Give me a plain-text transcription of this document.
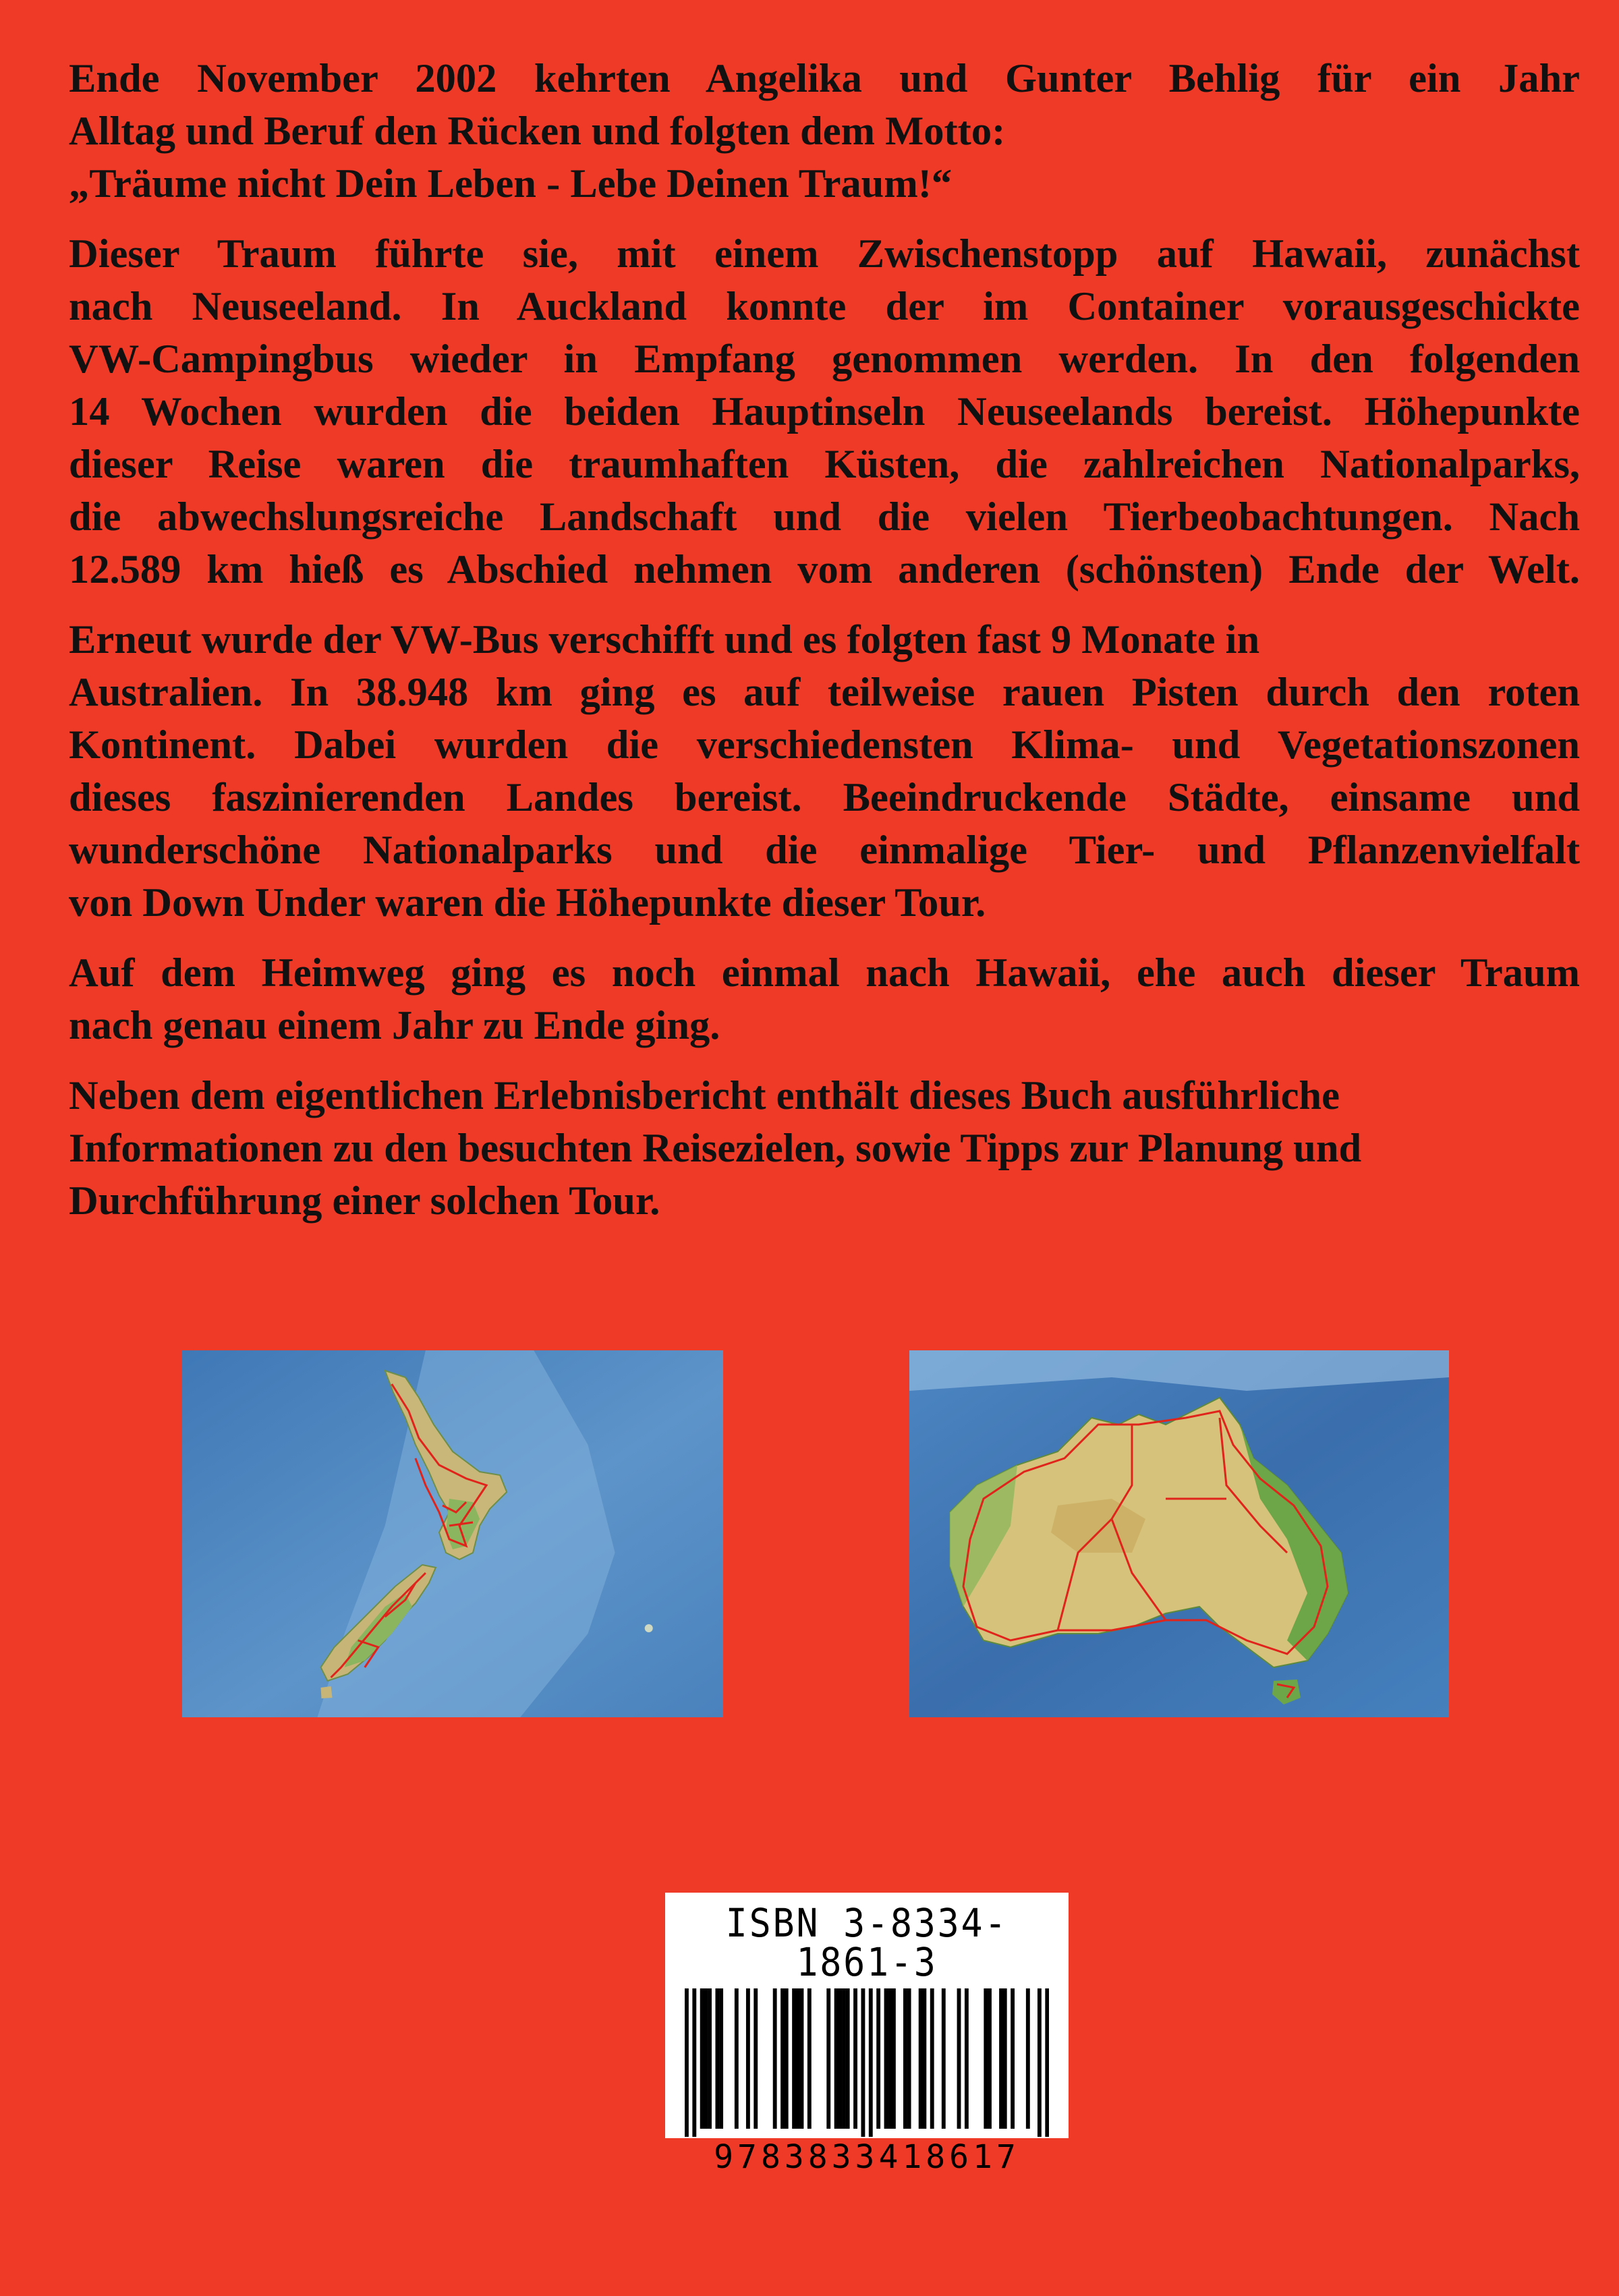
Ende November 2002 kehrten Angelika und Gunter Behlig für ein Jahr
Alltag und Beruf den Rücken und folgten dem Motto:
„Träume nicht Dein Leben - Lebe Deinen Traum!“

Dieser Traum führte sie, mit einem Zwischenstopp auf Hawaii, zunächst
nach Neuseeland. In Auckland konnte der im Container vorausgeschickte
VW-Campingbus wieder in Empfang genommen werden. In den folgenden
14 Wochen wurden die beiden Hauptinseln Neuseelands bereist. Höhepunkte
dieser Reise waren die traumhaften Küsten, die zahlreichen Nationalparks,
die abwechslungsreiche Landschaft und die vielen Tierbeobachtungen. Nach
12.589 km hieß es Abschied nehmen vom anderen (schönsten) Ende der Welt.

Erneut wurde der VW-Bus verschifft und es folgten fast 9 Monate in
Australien. In 38.948 km ging es auf teilweise rauen Pisten durch den roten
Kontinent. Dabei wurden die verschiedensten Klima- und Vegetationszonen
dieses faszinierenden Landes bereist. Beeindruckende Städte, einsame und
wunderschöne Nationalparks und die einmalige Tier- und Pflanzenvielfalt
von Down Under waren die Höhepunkte dieser Tour.

Auf dem Heimweg ging es noch einmal nach Hawaii, ehe auch dieser Traum
nach genau einem Jahr zu Ende ging.

Neben dem eigentlichen Erlebnisbericht enthält dieses Buch ausführliche
Informationen zu den besuchten Reisezielen, sowie Tipps zur Planung und
Durchführung einer solchen Tour.

ISBN 3-8334-1861-3
9783833418617
